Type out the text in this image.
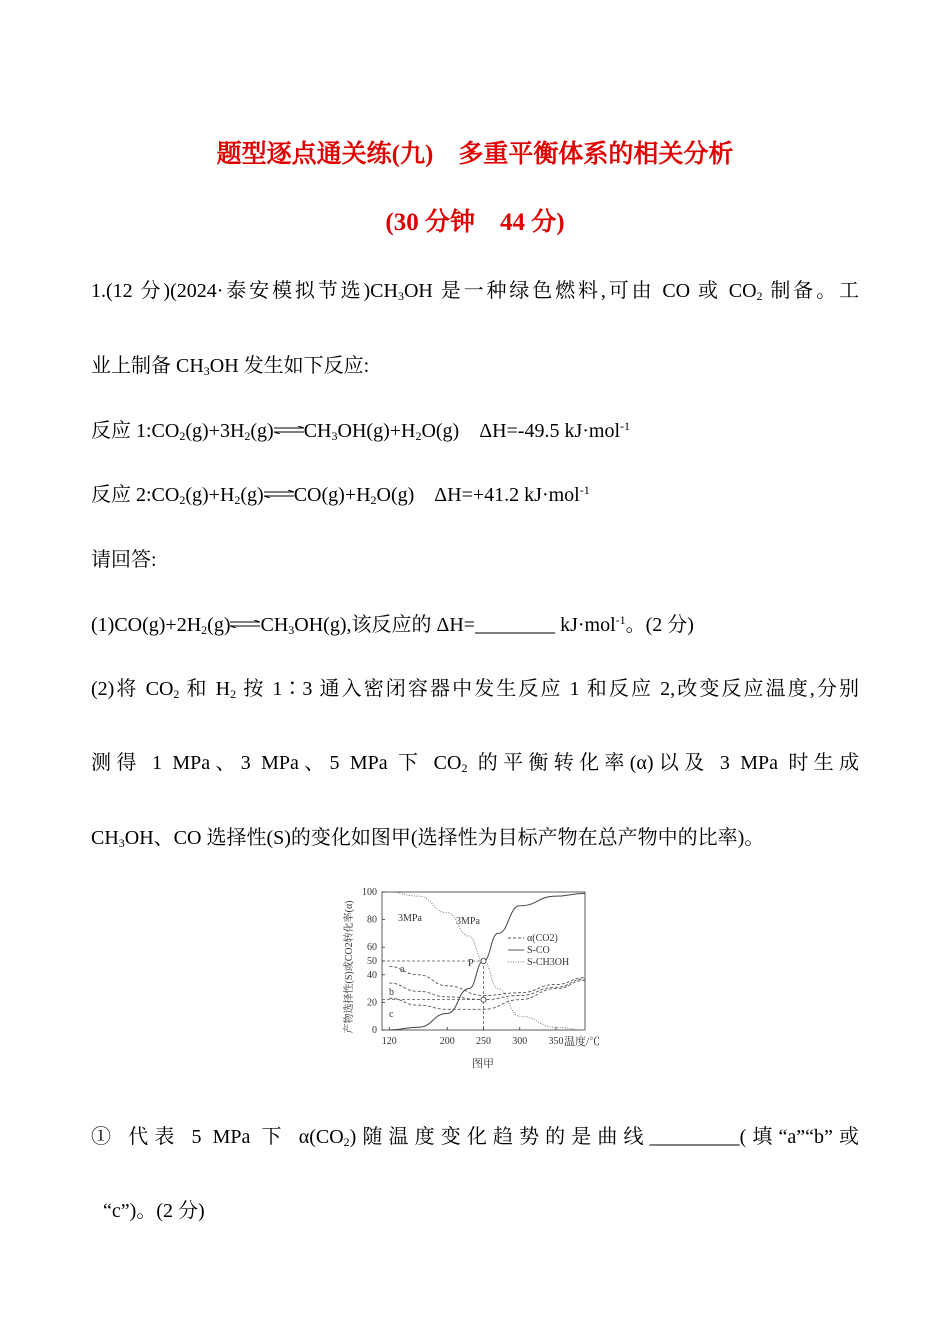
题型逐点通关练(九)　多重平衡体系的相关分析
(30 分钟　44 分)
1.(12 分)(2024·泰安模拟节选)$CH_3OH$ 是一种绿色燃料,可由 CO 或 $CO_2$ 制备。工
业上制备 $CH_3OH$ 发生如下反应:
反应 $1:CO_2(g)+3H_2(g)\rightleftharpoons CH_3OH(g)+H_2O(g)$　ΔH=-49.5 kJ·mol$^{-1}$
反应 $2:CO_2(g)+H_2(g)\rightleftharpoons CO(g)+H_2O(g)$　ΔH=+41.2 kJ·mol$^{-1}$
请回答:
$(1)CO(g)+2H_2(g)\rightleftharpoons CH_3OH(g)$,该反应的 ΔH=________ kJ·mol$^{-1}$。(2 分)
(2)将 $CO_2$ 和 $H_2$ 按 1∶3 通入密闭容器中发生反应 1 和反应 2,改变反应温度,分别
测得 1 MPa、3 MPa、5 MPa 下 $CO_2$ 的平衡转化率(α)以及 3 MPa 时生成
$CH_3OH$、CO 选择性(S)的变化如图甲(选择性为目标产物在总产物中的比率)。
产物选择性(S)或CO2转化率(α)
温度/℃
图甲
3MPa	3MPa
P
a
b
c
α(CO2)
S-CO
S-CH3OH
120	200 250 300 350
0
20
40
60
80
100
50
① 代表 5 MPa 下 $\alpha(CO_2)$随温度变化趋势的是曲线_________(填“a”“b”或
“c”)。(2 分)
